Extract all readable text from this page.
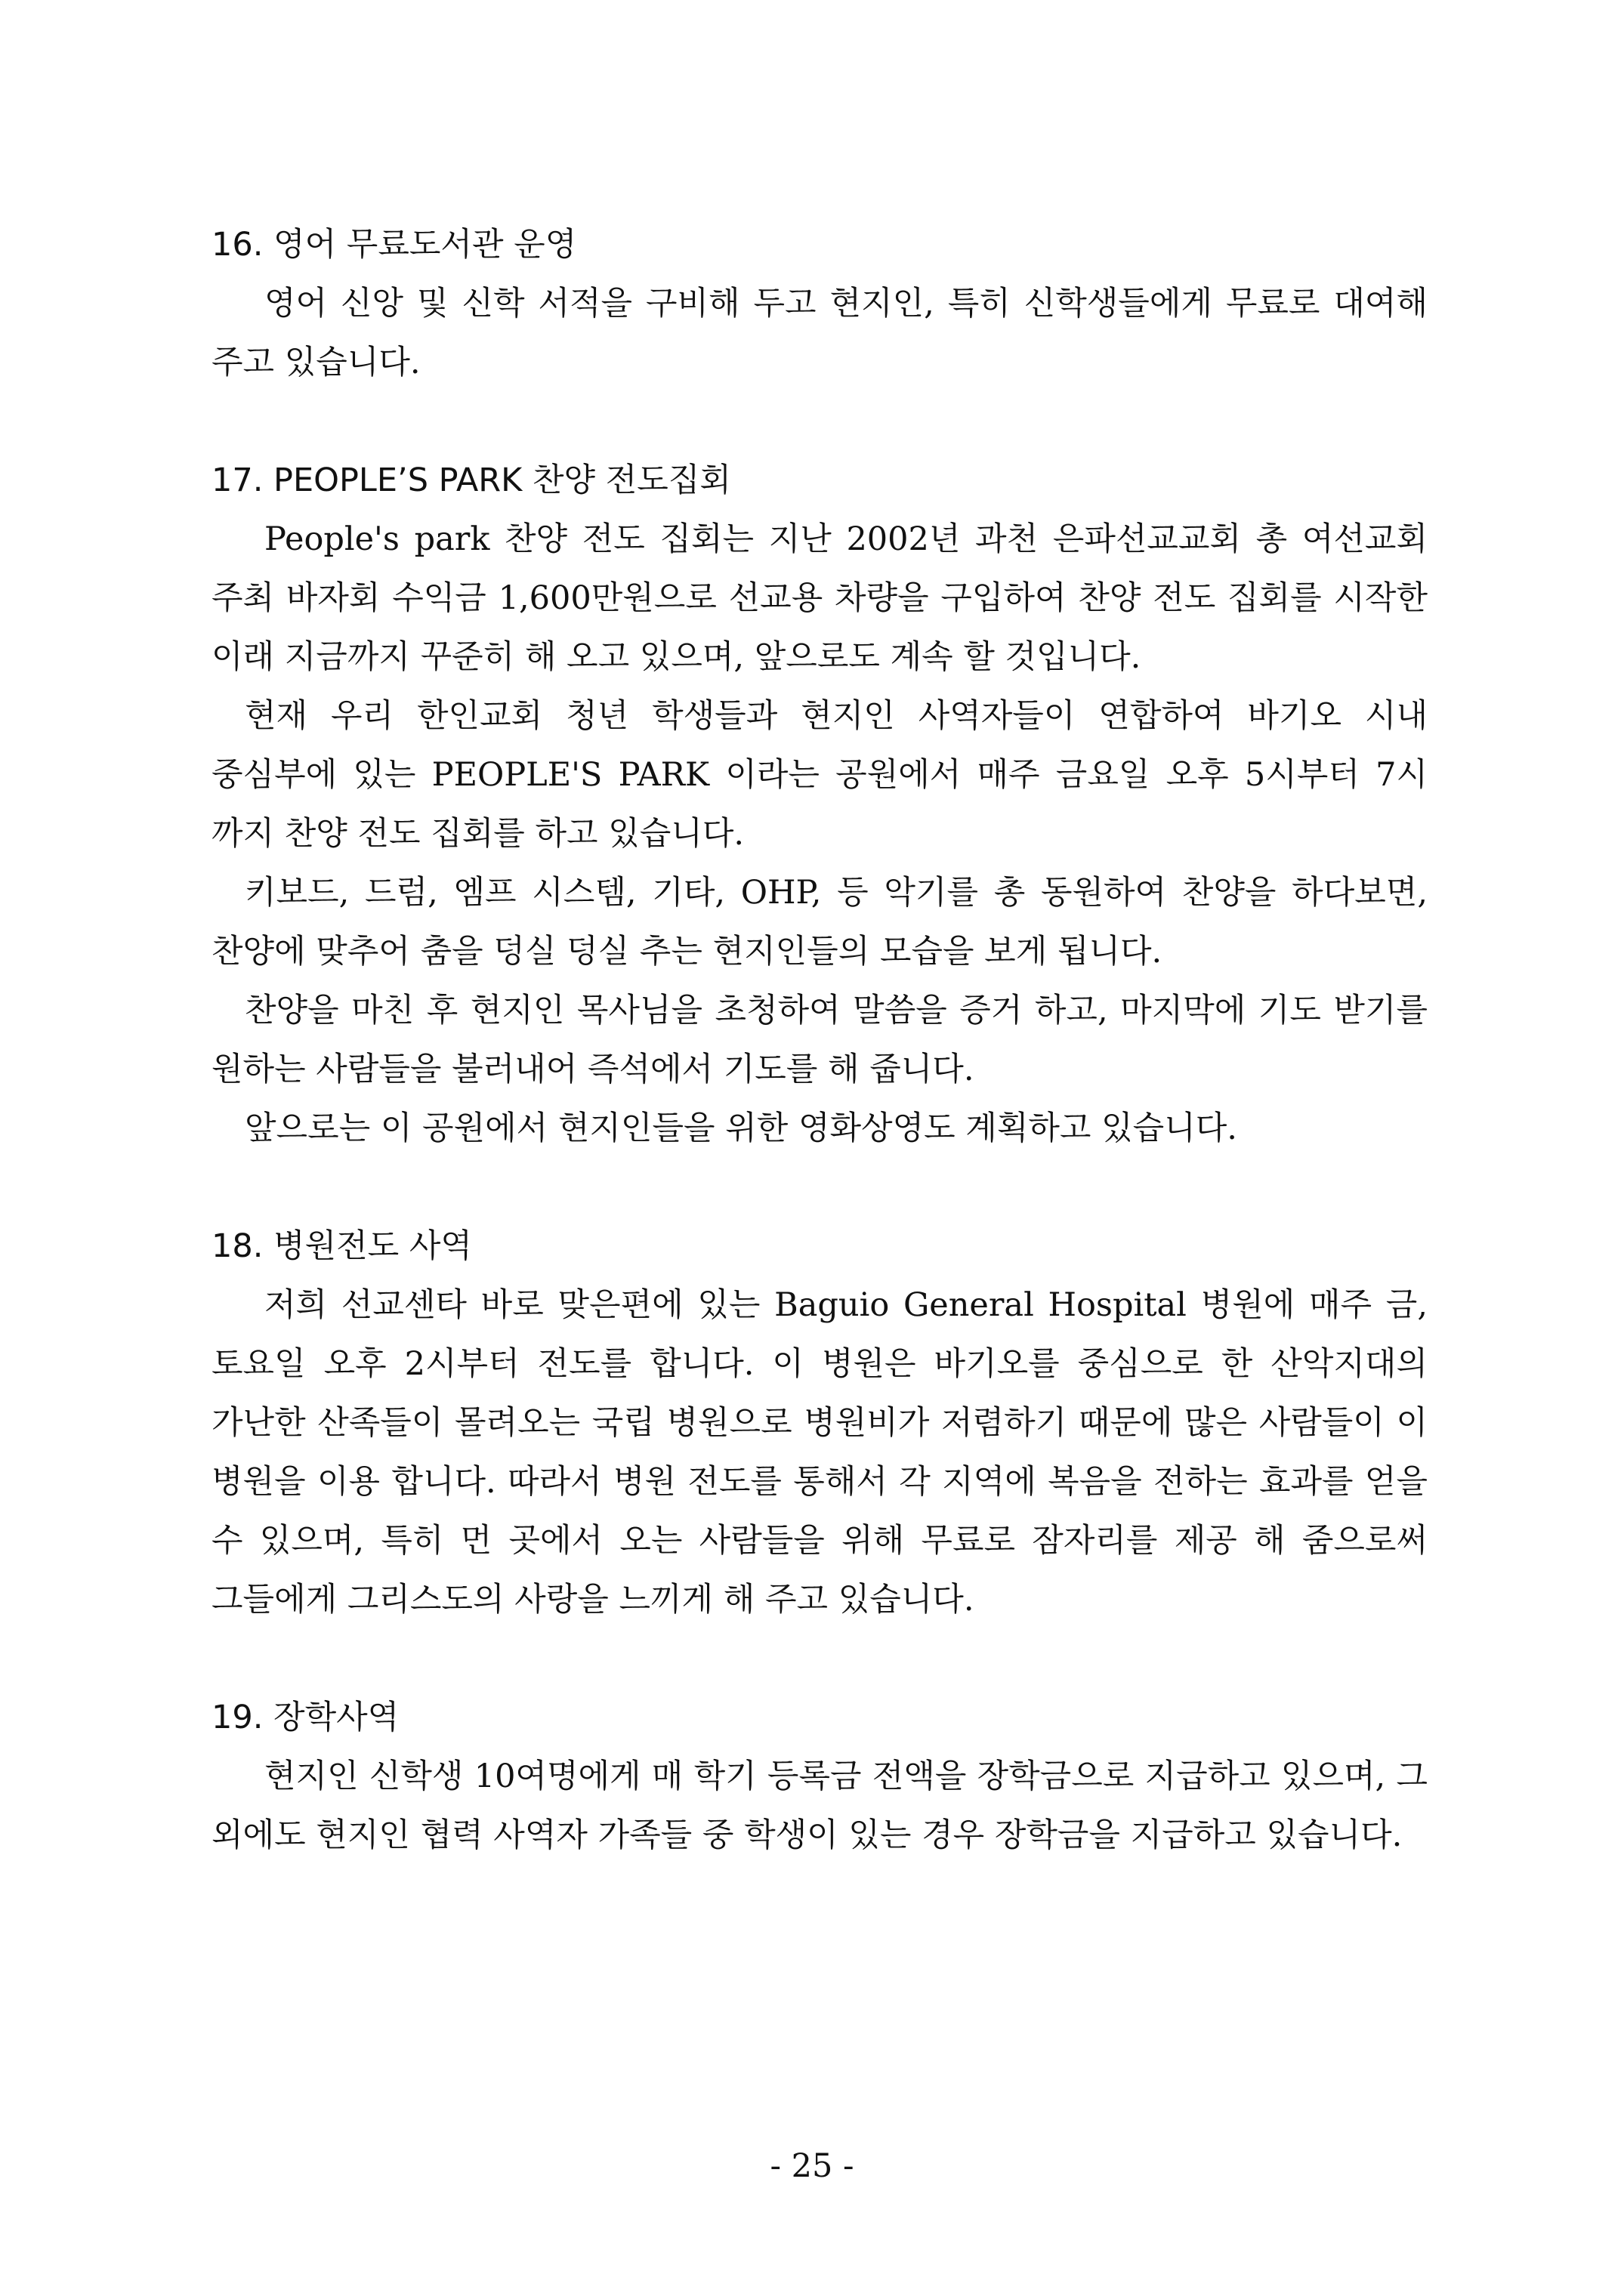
16. 영어 무료도서관 운영

영어 신앙 및 신학 서적을 구비해 두고 현지인, 특히 신학생들에게 무료로 대여해 주고 있습니다.

17. PEOPLE’S PARK 찬양 전도집회

People's park 찬양 전도 집회는 지난 2002년 과천 은파선교교회 총 여선교회 주최 바자회 수익금 1,600만원으로 선교용 차량을 구입하여 찬양 전도 집회를 시작한 이래 지금까지 꾸준히 해 오고 있으며, 앞으로도 계속 할 것입니다.

현재 우리 한인교회 청년 학생들과 현지인 사역자들이 연합하여 바기오 시내 중심부에 있는 PEOPLE'S PARK 이라는 공원에서 매주 금요일 오후 5시부터 7시 까지 찬양 전도 집회를 하고 있습니다.

키보드, 드럼, 엠프 시스템, 기타, OHP, 등 악기를 총 동원하여 찬양을 하다보면, 찬양에 맞추어 춤을 덩실 덩실 추는 현지인들의 모습을 보게 됩니다.

찬양을 마친 후 현지인 목사님을 초청하여 말씀을 증거 하고, 마지막에 기도 받기를 원하는 사람들을 불러내어 즉석에서 기도를 해 줍니다.

앞으로는 이 공원에서 현지인들을 위한 영화상영도 계획하고 있습니다.

18. 병원전도 사역

저희 선교센타 바로 맞은편에 있는 Baguio General Hospital 병원에 매주 금, 토요일 오후 2시부터 전도를 합니다. 이 병원은 바기오를 중심으로 한 산악지대의 가난한 산족들이 몰려오는 국립 병원으로 병원비가 저렴하기 때문에 많은 사람들이 이 병원을 이용 합니다. 따라서 병원 전도를 통해서 각 지역에 복음을 전하는 효과를 얻을 수 있으며, 특히 먼 곳에서 오는 사람들을 위해 무료로 잠자리를 제공 해 줌으로써 그들에게 그리스도의 사랑을 느끼게 해 주고 있습니다.

19. 장학사역

현지인 신학생 10여명에게 매 학기 등록금 전액을 장학금으로 지급하고 있으며, 그 외에도 현지인 협력 사역자 가족들 중 학생이 있는 경우 장학금을 지급하고 있습니다.

- 25 -
